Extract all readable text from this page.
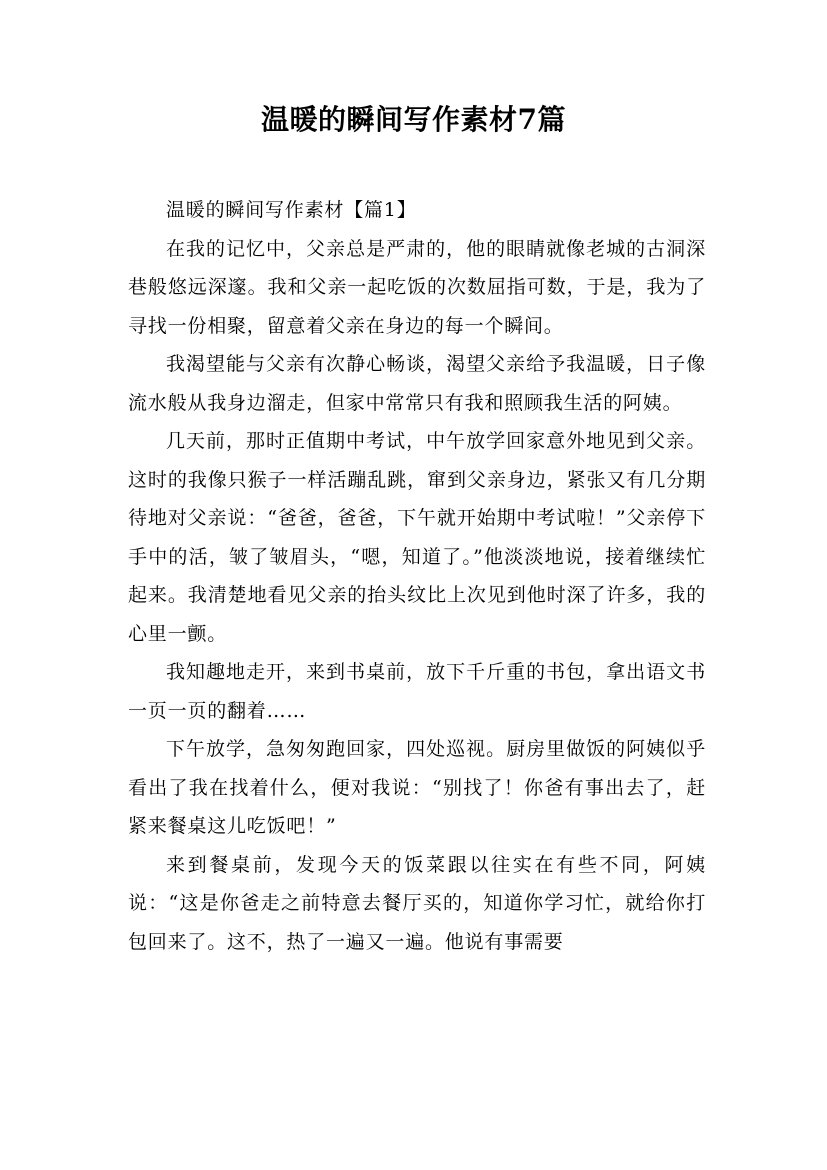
温暖的瞬间写作素材7篇

温暖的瞬间写作素材【篇1】

在我的记忆中，父亲总是严肃的，他的眼睛就像老城的古洞深巷般悠远深邃。我和父亲一起吃饭的次数屈指可数，于是，我为了寻找一份相聚，留意着父亲在身边的每一个瞬间。

我渴望能与父亲有次静心畅谈，渴望父亲给予我温暖，日子像流水般从我身边溜走，但家中常常只有我和照顾我生活的阿姨。

几天前，那时正值期中考试，中午放学回家意外地见到父亲。这时的我像只猴子一样活蹦乱跳，窜到父亲身边，紧张又有几分期待地对父亲说：“爸爸，爸爸，下午就开始期中考试啦！”父亲停下手中的活，皱了皱眉头，“嗯，知道了。”他淡淡地说，接着继续忙起来。我清楚地看见父亲的抬头纹比上次见到他时深了许多，我的心里一颤。

我知趣地走开，来到书桌前，放下千斤重的书包，拿出语文书一页一页的翻着……

下午放学，急匆匆跑回家，四处巡视。厨房里做饭的阿姨似乎看出了我在找着什么，便对我说：“别找了！你爸有事出去了，赶紧来餐桌这儿吃饭吧！”

来到餐桌前，发现今天的饭菜跟以往实在有些不同，阿姨说：“这是你爸走之前特意去餐厅买的，知道你学习忙，就给你打包回来了。这不，热了一遍又一遍。他说有事需要
